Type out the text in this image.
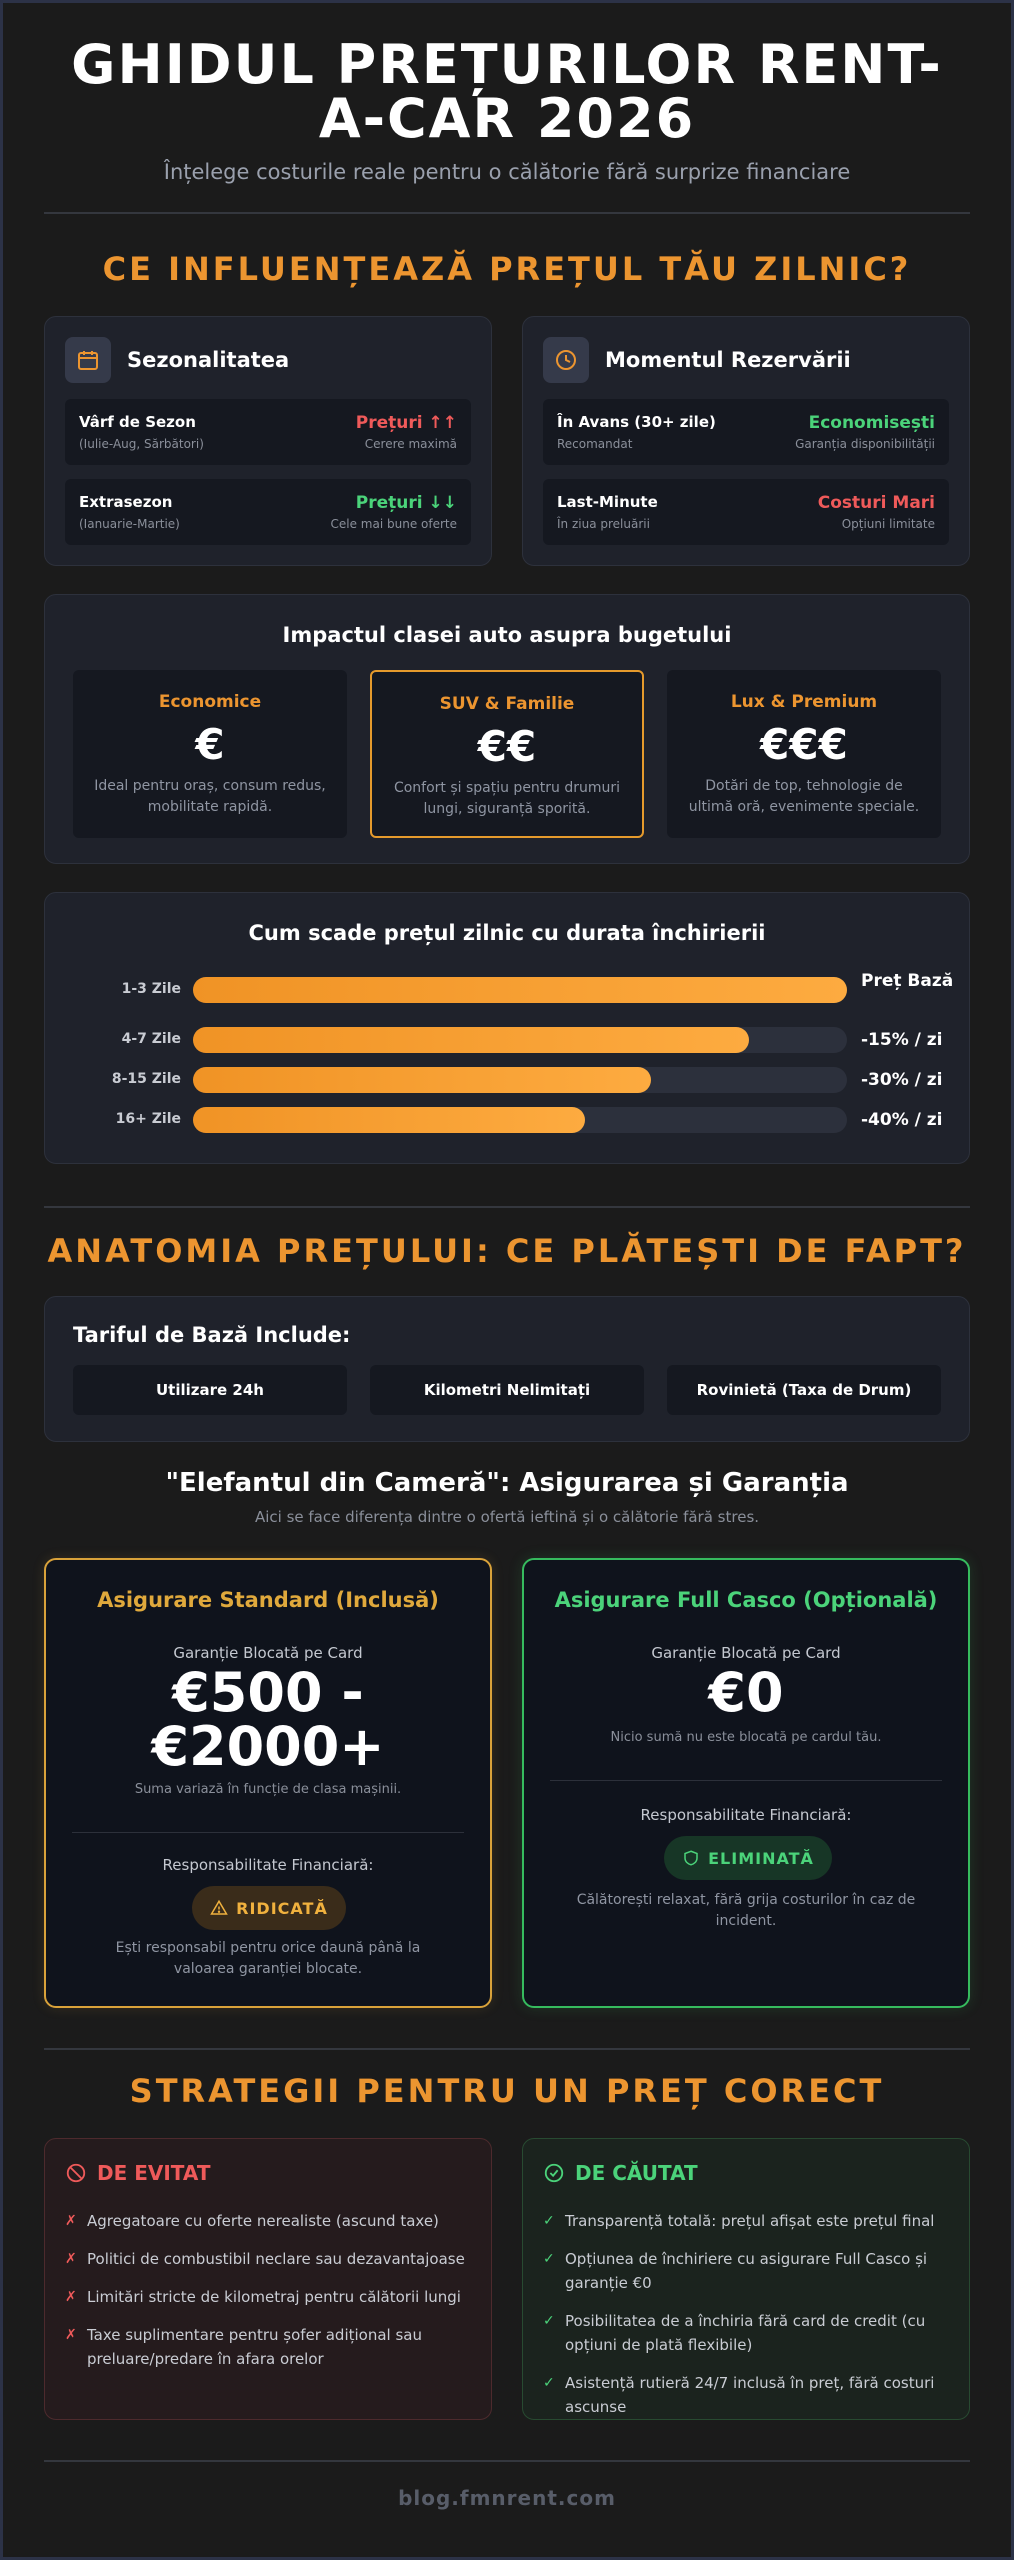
GHIDUL PREȚURILOR RENT-A-CAR 2026
Înțelege costurile reale pentru o călătorie fără surprize financiare
CE INFLUENȚEAZĂ PREȚUL TĂU ZILNIC?
Sezonalitatea
Vârf de Sezon
(Iulie-Aug, Sărbători)
Prețuri ↑↑
Cerere maximă
Extrasezon
(Ianuarie-Martie)
Prețuri ↓↓
Cele mai bune oferte
Momentul Rezervării
În Avans (30+ zile)
Recomandat
Economisești
Garanția disponibilității
Last-Minute
În ziua preluării
Costuri Mari
Opțiuni limitate
Impactul clasei auto asupra bugetului
Economice
€
Ideal pentru oraș, consum redus, mobilitate rapidă.
SUV & Familie
€€
Confort și spațiu pentru drumuri lungi, siguranță sporită.
Lux & Premium
€€€
Dotări de top, tehnologie de ultimă oră, evenimente speciale.
Cum scade prețul zilnic cu durata închirierii
1-3 Zile	Preț Bază
4-7 Zile	-15% / zi
8-15 Zile	-30% / zi
16+ Zile	-40% / zi
ANATOMIA PREȚULUI: CE PLĂTEȘTI DE FAPT?
Tariful de Bază Include:
Utilizare 24h	Kilometri Nelimitați	Rovinietă (Taxa de Drum)
"Elefantul din Cameră": Asigurarea și Garanția
Aici se face diferența dintre o ofertă ieftină și o călătorie fără stres.
Asigurare Standard (Inclusă)
Garanție Blocată pe Card
€500 -
€2000+
Suma variază în funcție de clasa mașinii.
Responsabilitate Financiară:
RIDICATĂ
Ești responsabil pentru orice daună până la valoarea garanției blocate.
Asigurare Full Casco (Opțională)
Garanție Blocată pe Card
€0
Nicio sumă nu este blocată pe cardul tău.
Responsabilitate Financiară:
ELIMINATĂ
Călătorești relaxat, fără grija costurilor în caz de incident.
STRATEGII PENTRU UN PREȚ CORECT
DE EVITAT
✗ Agregatoare cu oferte nerealiste (ascund taxe)
✗ Politici de combustibil neclare sau dezavantajoase
✗ Limitări stricte de kilometraj pentru călătorii lungi
✗ Taxe suplimentare pentru șofer adițional sau preluare/predare în afara orelor
DE CĂUTAT
✓ Transparență totală: prețul afișat este prețul final
✓ Opțiunea de închiriere cu asigurare Full Casco și garanție €0
✓ Posibilitatea de a închiria fără card de credit (cu opțiuni de plată flexibile)
✓ Asistență rutieră 24/7 inclusă în preț, fără costuri ascunse
blog.fmnrent.com
